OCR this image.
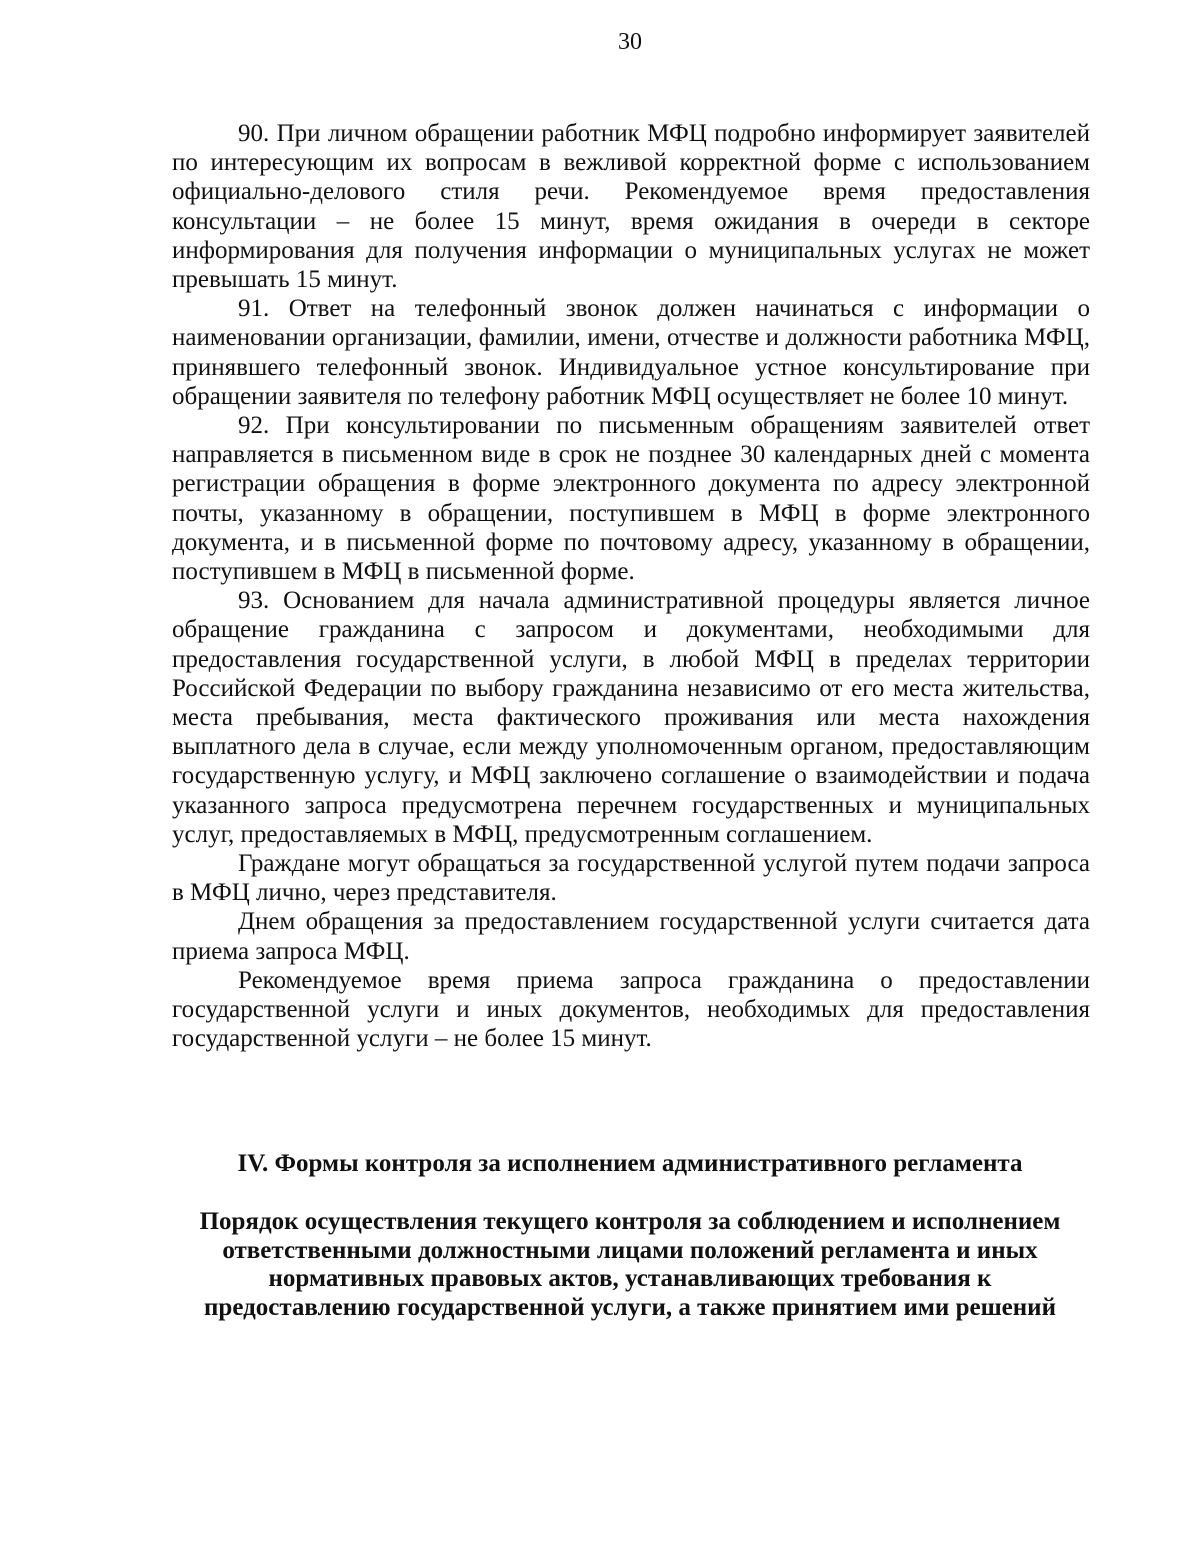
30

90. При личном обращении работник МФЦ подробно информирует заявителей по интересующим их вопросам в вежливой корректной форме с использованием официально-делового стиля речи. Рекомендуемое время предоставления консультации – не более 15 минут, время ожидания в очереди в секторе информирования для получения информации о муниципальных услугах не может превышать 15 минут.

91. Ответ на телефонный звонок должен начинаться с информации о наименовании организации, фамилии, имени, отчестве и должности работника МФЦ, принявшего телефонный звонок. Индивидуальное устное консультирование при обращении заявителя по телефону работник МФЦ осуществляет не более 10 минут.

92. При консультировании по письменным обращениям заявителей ответ направляется в письменном виде в срок не позднее 30 календарных дней с момента регистрации обращения в форме электронного документа по адресу электронной почты, указанному в обращении, поступившем в МФЦ в форме электронного документа, и в письменной форме по почтовому адресу, указанному в обращении, поступившем в МФЦ в письменной форме.

93. Основанием для начала административной процедуры является личное обращение гражданина с запросом и документами, необходимыми для предоставления государственной услуги, в любой МФЦ в пределах территории Российской Федерации по выбору гражданина независимо от его места жительства, места пребывания, места фактического проживания или места нахождения выплатного дела в случае, если между уполномоченным органом, предоставляющим государственную услугу, и МФЦ заключено соглашение о взаимодействии и подача указанного запроса предусмотрена перечнем государственных и муниципальных услуг, предоставляемых в МФЦ, предусмотренным соглашением.

Граждане могут обращаться за государственной услугой путем подачи запроса в МФЦ лично, через представителя.

Днем обращения за предоставлением государственной услуги считается дата приема запроса МФЦ.

Рекомендуемое время приема запроса гражданина о предоставлении государственной услуги и иных документов, необходимых для предоставления государственной услуги – не более 15 минут.

IV. Формы контроля за исполнением административного регламента

Порядок осуществления текущего контроля за соблюдением и исполнением
ответственными должностными лицами положений регламента и иных
нормативных правовых актов, устанавливающих требования к
предоставлению государственной услуги, а также принятием ими решений
